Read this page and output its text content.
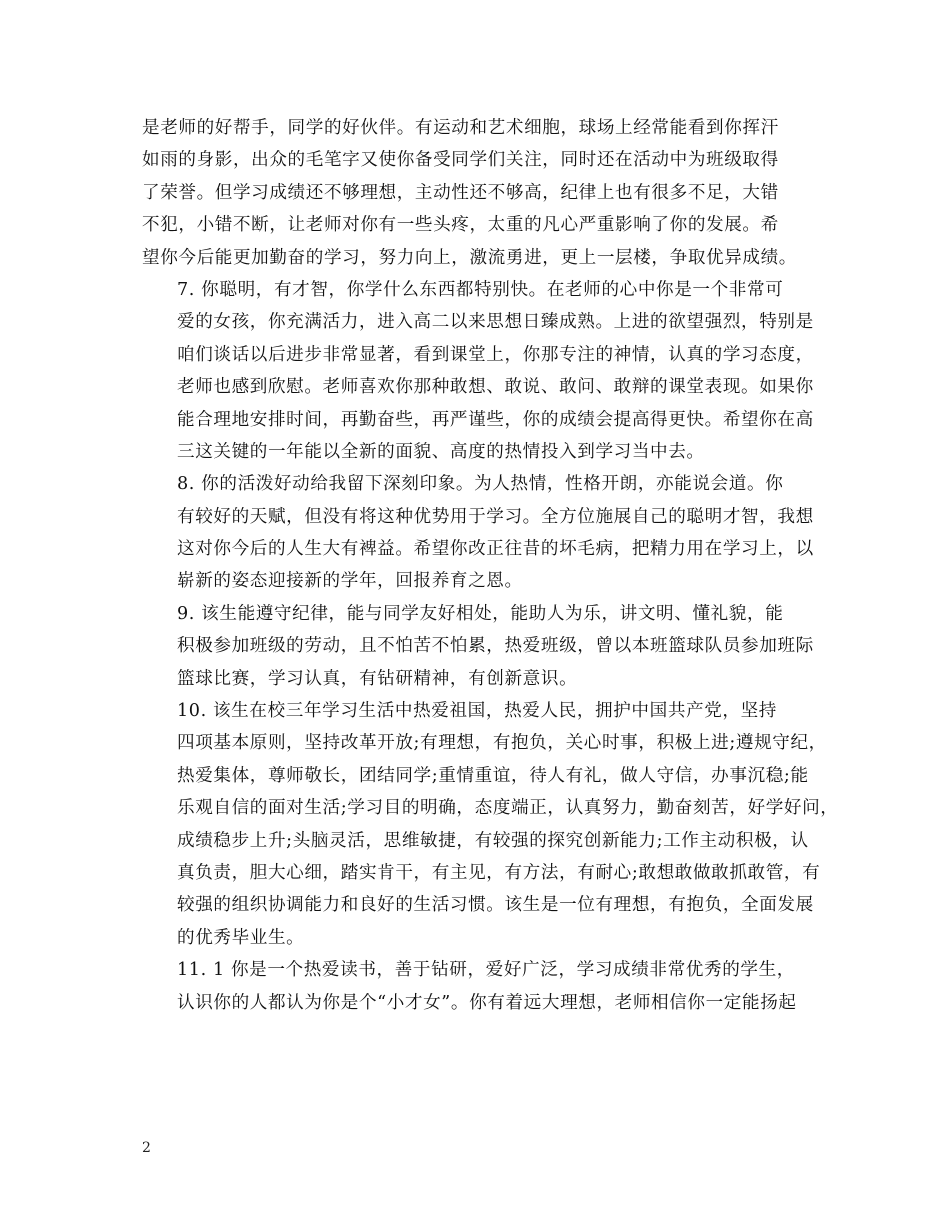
是老师的好帮手，同学的好伙伴。有运动和艺术细胞，球场上经常能看到你挥汗
如雨的身影，出众的毛笔字又使你备受同学们关注，同时还在活动中为班级取得
了荣誉。但学习成绩还不够理想，主动性还不够高，纪律上也有很多不足，大错
不犯，小错不断，让老师对你有一些头疼，太重的凡心严重影响了你的发展。希
望你今后能更加勤奋的学习，努力向上，激流勇进，更上一层楼，争取优异成绩。
7. 你聪明，有才智，你学什么东西都特别快。在老师的心中你是一个非常可
爱的女孩，你充满活力，进入高二以来思想日臻成熟。上进的欲望强烈，特别是
咱们谈话以后进步非常显著，看到课堂上，你那专注的神情，认真的学习态度，
老师也感到欣慰。老师喜欢你那种敢想、敢说、敢问、敢辩的课堂表现。如果你
能合理地安排时间，再勤奋些，再严谨些，你的成绩会提高得更快。希望你在高
三这关键的一年能以全新的面貌、高度的热情投入到学习当中去。
8. 你的活泼好动给我留下深刻印象。为人热情，性格开朗，亦能说会道。你
有较好的天赋，但没有将这种优势用于学习。全方位施展自己的聪明才智，我想
这对你今后的人生大有裨益。希望你改正往昔的坏毛病，把精力用在学习上，以
崭新的姿态迎接新的学年，回报养育之恩。
9. 该生能遵守纪律，能与同学友好相处，能助人为乐，讲文明、懂礼貌，能
积极参加班级的劳动，且不怕苦不怕累，热爱班级，曾以本班篮球队员参加班际
篮球比赛，学习认真，有钻研精神，有创新意识。
10. 该生在校三年学习生活中热爱祖国，热爱人民，拥护中国共产党，坚持
四项基本原则，坚持改革开放;有理想，有抱负，关心时事，积极上进;遵规守纪，
热爱集体，尊师敬长，团结同学;重情重谊，待人有礼，做人守信，办事沉稳;能
乐观自信的面对生活;学习目的明确，态度端正，认真努力，勤奋刻苦，好学好问，
成绩稳步上升;头脑灵活，思维敏捷，有较强的探究创新能力;工作主动积极，认
真负责，胆大心细，踏实肯干，有主见，有方法，有耐心;敢想敢做敢抓敢管，有
较强的组织协调能力和良好的生活习惯。该生是一位有理想，有抱负，全面发展
的优秀毕业生。
11. 1 你是一个热爱读书，善于钻研，爱好广泛，学习成绩非常优秀的学生，
认识你的人都认为你是个“小才女”。你有着远大理想，老师相信你一定能扬起
2
